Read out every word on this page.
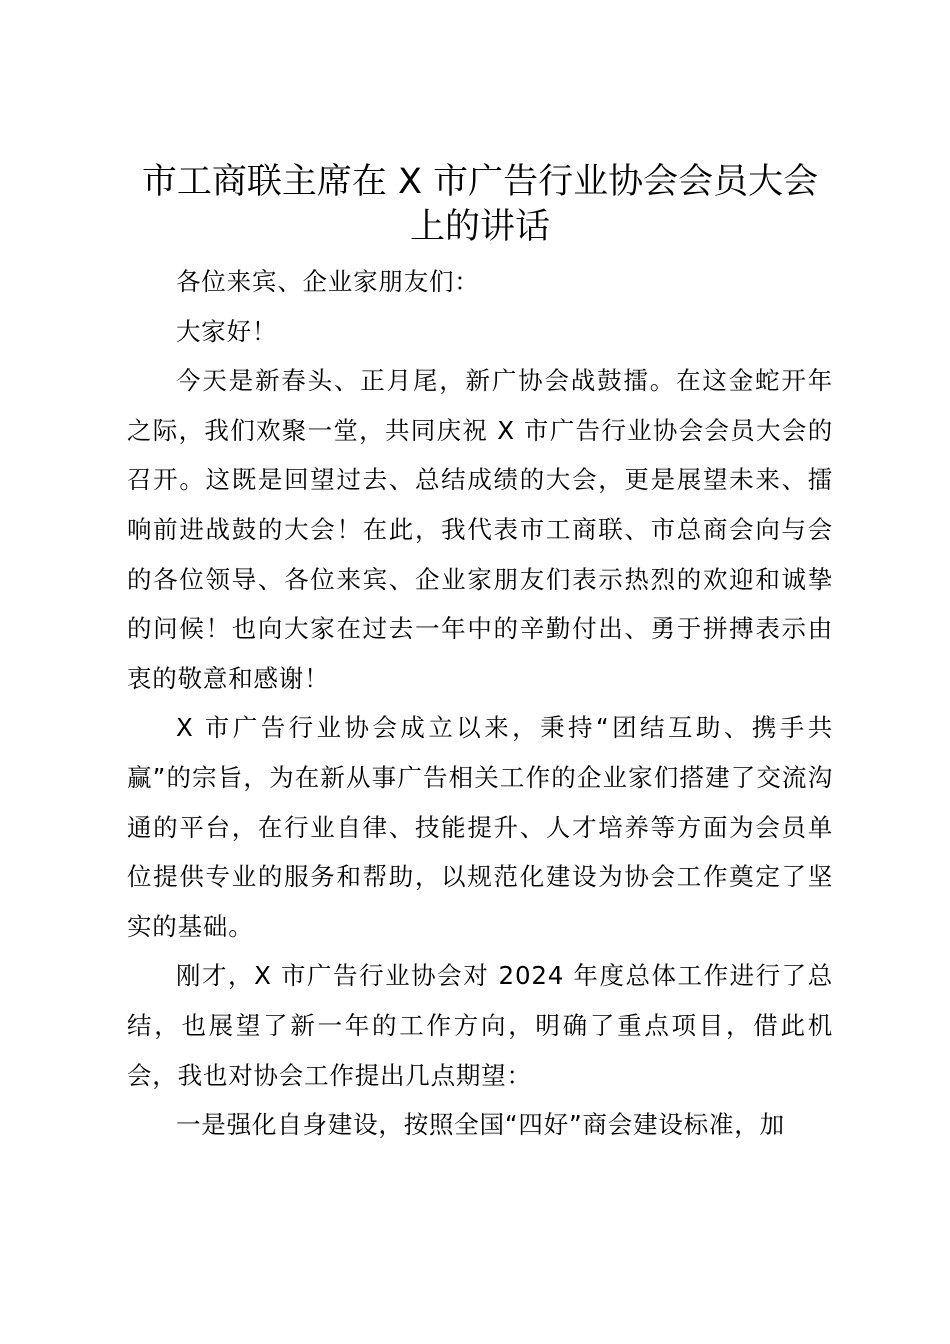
市工商联主席在 X 市广告行业协会会员大会上的讲话

各位来宾、企业家朋友们：

大家好！

今天是新春头、正月尾，新广协会战鼓擂。在这金蛇开年之际，我们欢聚一堂，共同庆祝 X 市广告行业协会会员大会的召开。这既是回望过去、总结成绩的大会，更是展望未来、擂响前进战鼓的大会！在此，我代表市工商联、市总商会向与会的各位领导、各位来宾、企业家朋友们表示热烈的欢迎和诚挚的问候！也向大家在过去一年中的辛勤付出、勇于拼搏表示由衷的敬意和感谢！

X 市广告行业协会成立以来，秉持“团结互助、携手共赢”的宗旨，为在新从事广告相关工作的企业家们搭建了交流沟通的平台，在行业自律、技能提升、人才培养等方面为会员单位提供专业的服务和帮助，以规范化建设为协会工作奠定了坚实的基础。

刚才，X 市广告行业协会对 2024 年度总体工作进行了总结，也展望了新一年的工作方向，明确了重点项目，借此机会，我也对协会工作提出几点期望：

一是强化自身建设，按照全国“四好”商会建设标准，加
